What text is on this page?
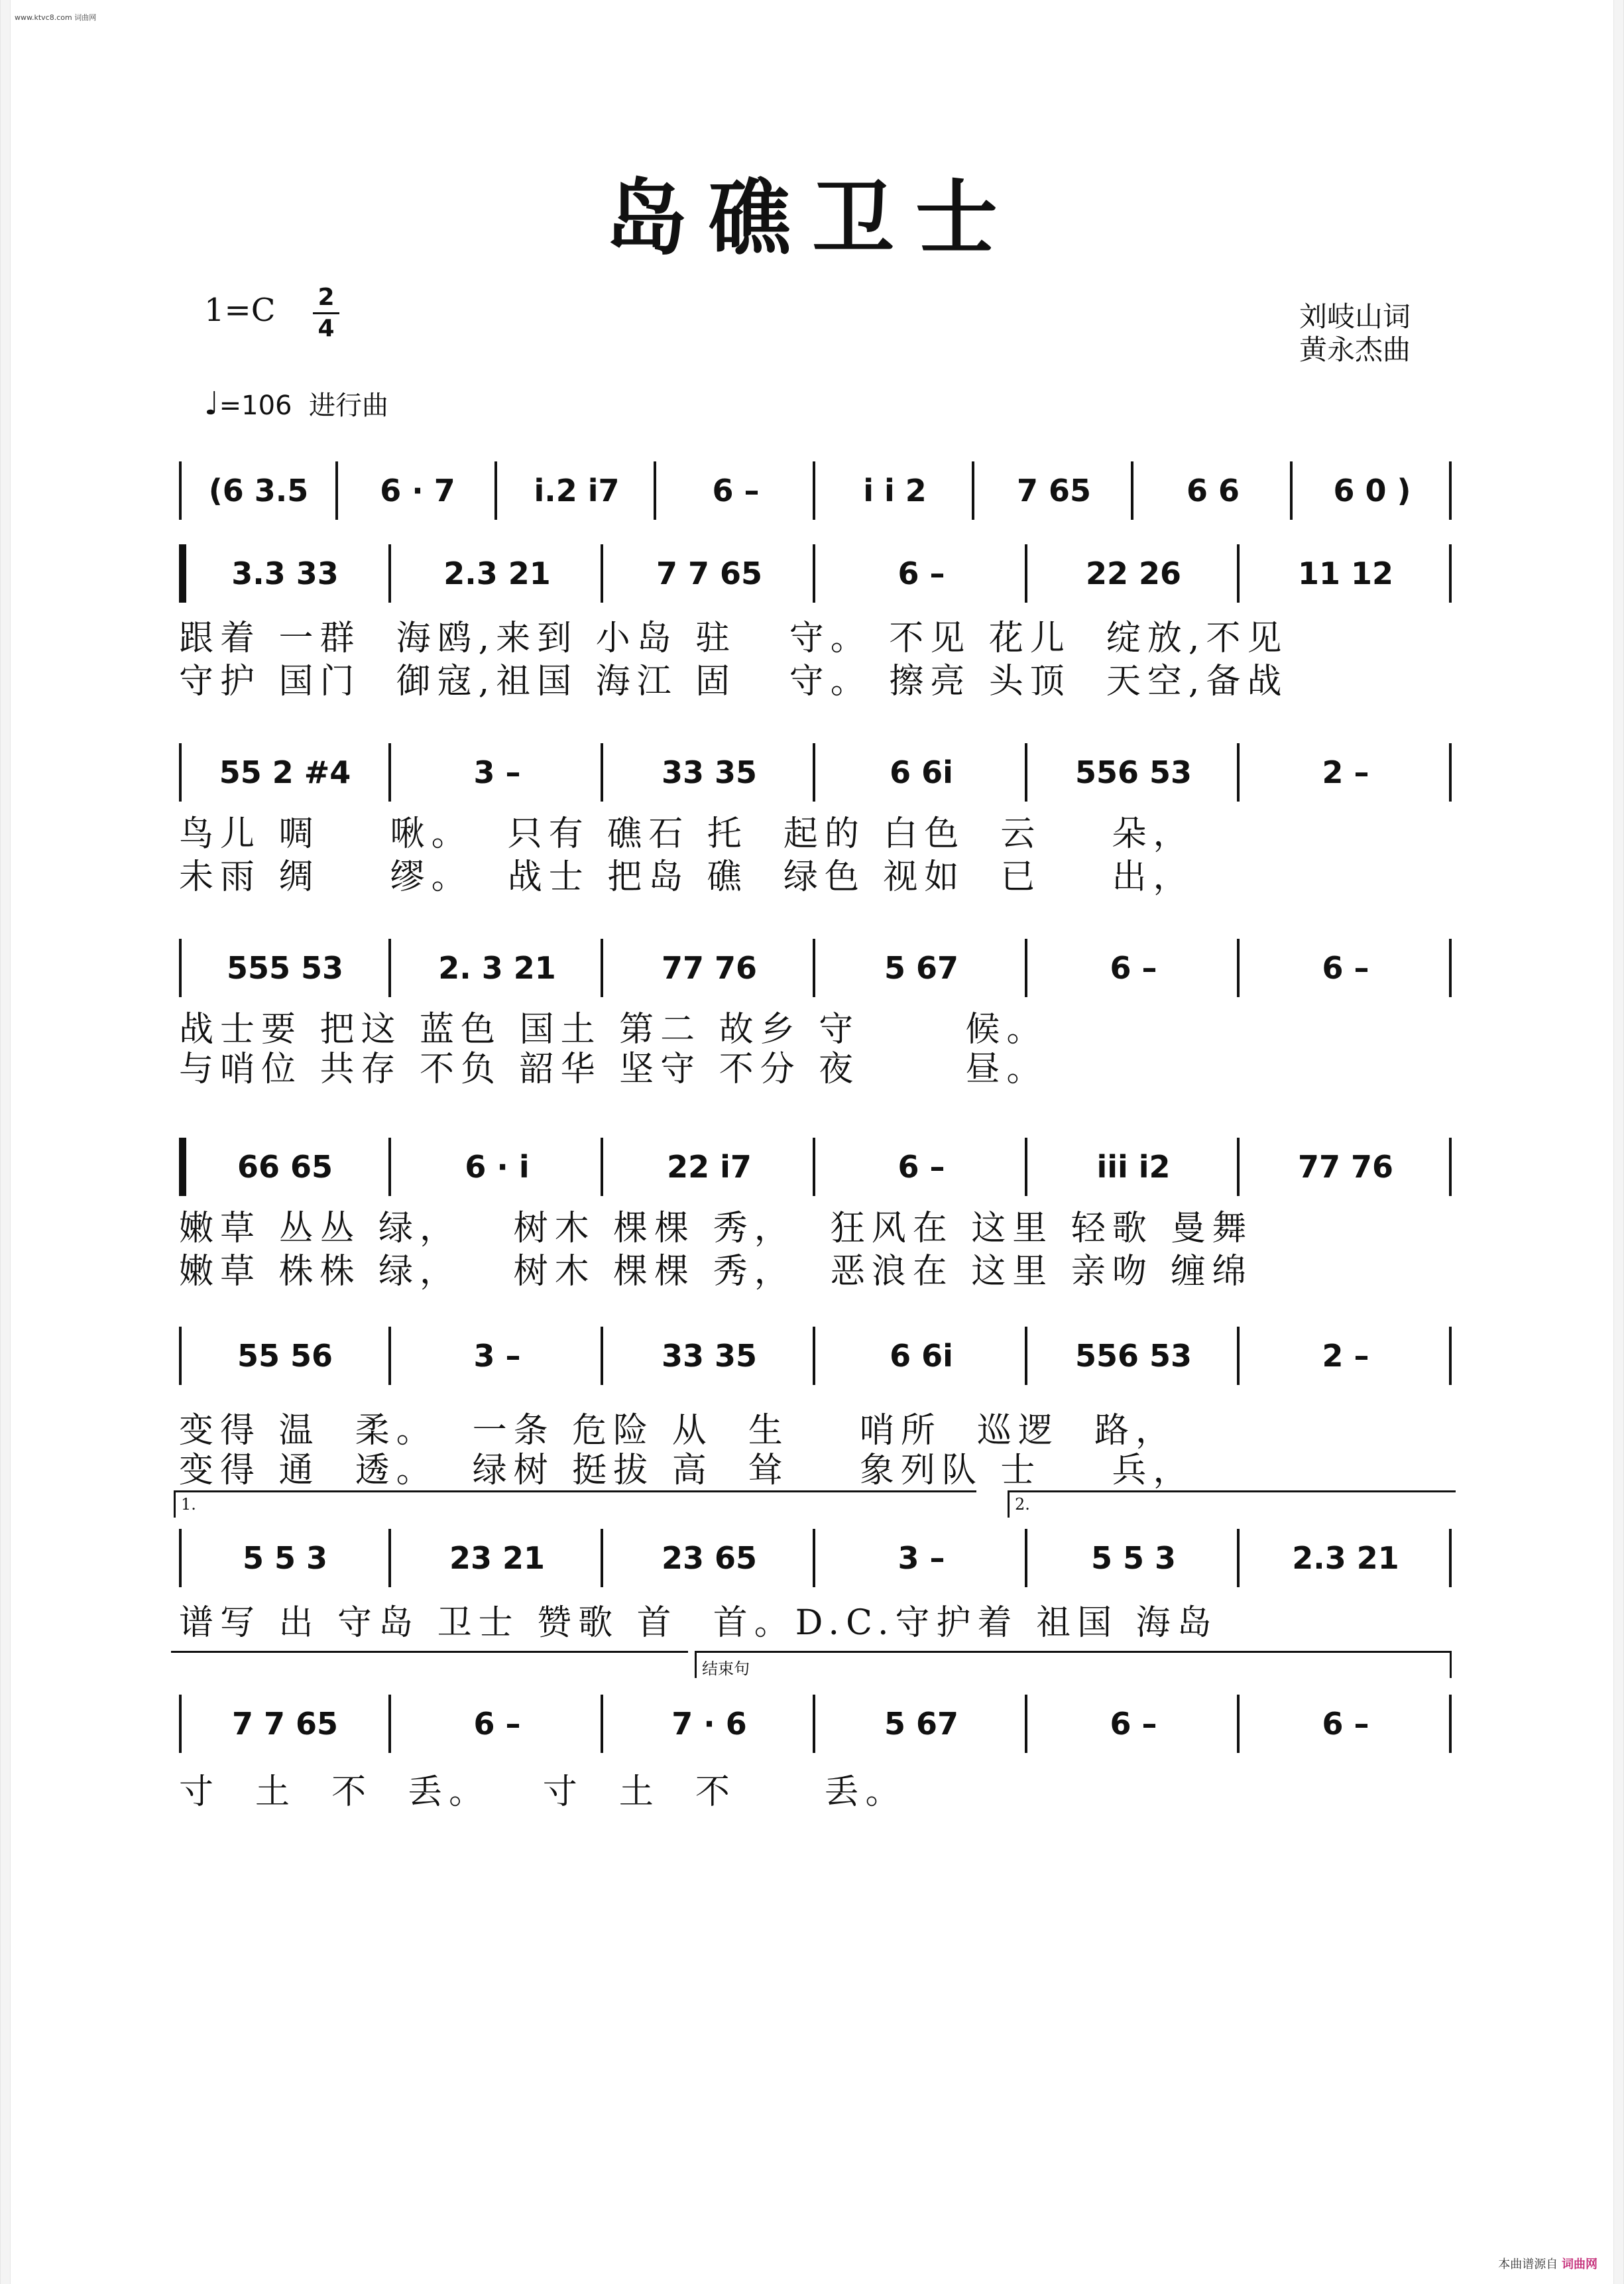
www.ktvc8.com 词曲网
岛礁卫士
1=C 2
4	刘岐山词
黄永杰曲
♩=106 进行曲
(6 3.5	6 · 7	i.2 i7	6 –	i i 2	7 65	6 6	6 0 )
3.3 33	2.3 21	7 7 65	6 –	22 26	11 12
55 2 #4	3 –	33 35	6 6i	556 53	2 –
555 53	2. 3 21	77 76	5 67	6 –	6 –
66 65	6 · i	22 i7	6 –	iii i2	77 76
55 56	3 –	33 35	6 6i	556 53	2 –
5 5 3	23 21	23 65	3 –	5 5 3	2.3 21
7 7 65	6 –	7 · 6	5 67	6 –	6 –
跟着 一群  海鸥,来到 小岛 驻   守。 不见 花儿  绽放,不见
守护 国门  御寇,祖国 海江 固   守。 擦亮 头顶  天空,备战
鸟儿 啁    啾。  只有 礁石 托  起的 白色  云    朵，
未雨 绸    缪。  战士 把岛 礁  绿色 视如  已    出，
战士要 把这 蓝色 国土 第二 故乡 守      候。
与哨位 共存 不负 韶华 坚守 不分 夜      昼。
嫩草 丛丛 绿，   树木 棵棵 秀，  狂风在 这里 轻歌 曼舞
嫩草 株株 绿，   树木 棵棵 秀，  恶浪在 这里 亲吻 缠绵
变得 温  柔。  一条 危险 从  生    哨所  巡逻  路，
变得 通  透。  绿树 挺拔 高  耸    象列队 士    兵，
谱写 出 守岛 卫士 赞歌 首  首。D.C.守护着 祖国 海岛
寸  土  不  丢。   寸  土  不     丢。
1.	2.
结束句
本曲谱源自 词曲网
